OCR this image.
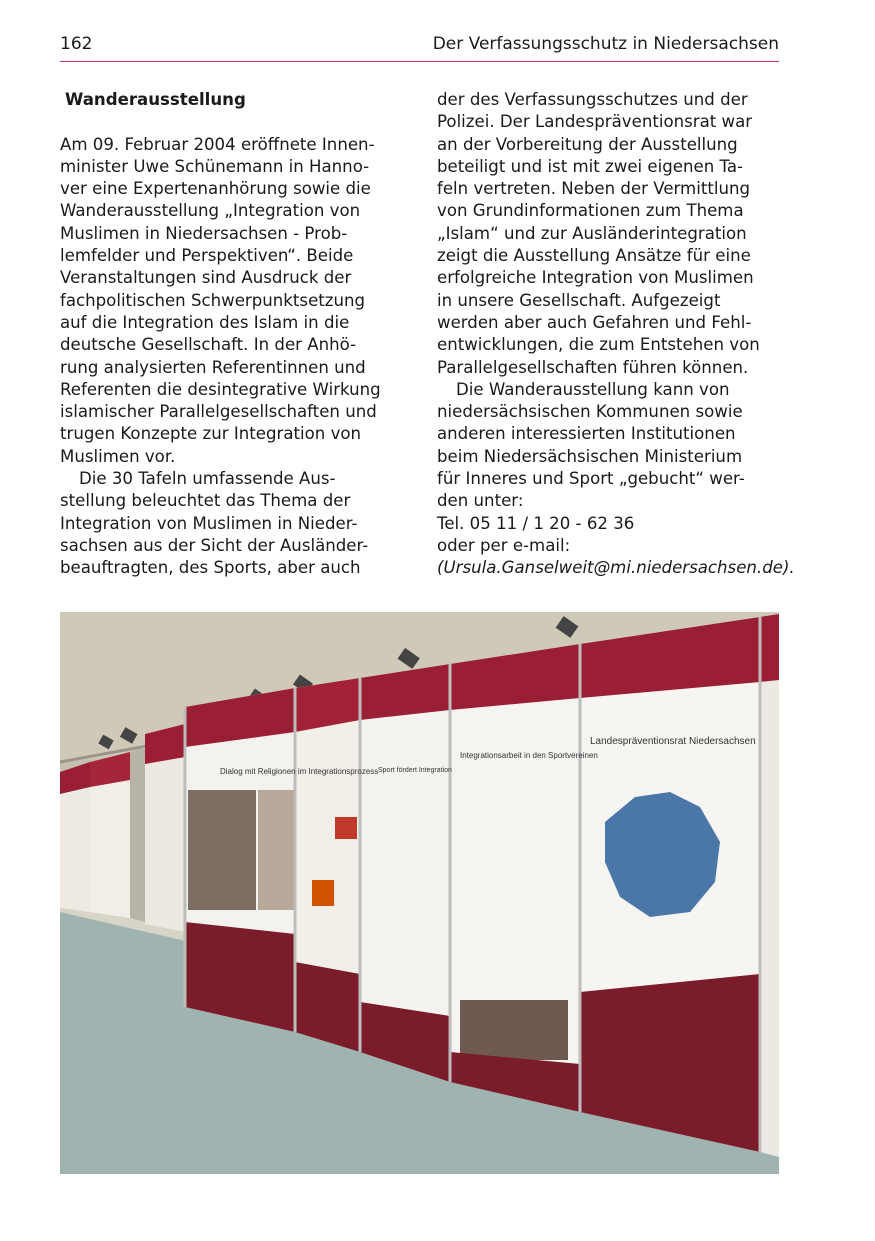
162	Der Verfassungsschutz in Niedersachsen
Wanderausstellung
Am 09. Februar 2004 eröffnete Innen-
minister Uwe Schünemann in Hanno-
ver eine Expertenanhörung sowie die
Wanderausstellung „Integration von
Muslimen in Niedersachsen - Prob-
lemfelder und Perspektiven“. Beide
Veranstaltungen sind Ausdruck der
fachpolitischen Schwerpunktsetzung
auf die Integration des Islam in die
deutsche Gesellschaft. In der Anhö-
rung analysierten Referentinnen und
Referenten die desintegrative Wirkung
islamischer Parallelgesellschaften und
trugen Konzepte zur Integration von
Muslimen vor.
Die 30 Tafeln umfassende Aus-
stellung beleuchtet das Thema der
Integration von Muslimen in Nieder-
sachsen aus der Sicht der Ausländer-
beauftragten, des Sports, aber auch
der des Verfassungsschutzes und der
Polizei. Der Landespräventionsrat war
an der Vorbereitung der Ausstellung
beteiligt und ist mit zwei eigenen Ta-
feln vertreten. Neben der Vermittlung
von Grundinformationen zum Thema
„Islam“ und zur Ausländerintegration
zeigt die Ausstellung Ansätze für eine
erfolgreiche Integration von Muslimen
in unsere Gesellschaft. Aufgezeigt
werden aber auch Gefahren und Fehl-
entwicklungen, die zum Entstehen von
Parallelgesellschaften führen können.
Die Wanderausstellung kann von
niedersächsischen Kommunen sowie
anderen interessierten Institutionen
beim Niedersächsischen Ministerium
für Inneres und Sport „gebucht“ wer-
den unter:
Tel. 05 11 / 1 20 - 62 36
oder per e-mail:
(Ursula.Ganselweit@mi.niedersachsen.de).
Dialog mit Religionen im Integrationsprozess Sport fördert Integration
Integrationsarbeit in den Sportvereinen
Landespräventionsrat Niedersachsen
